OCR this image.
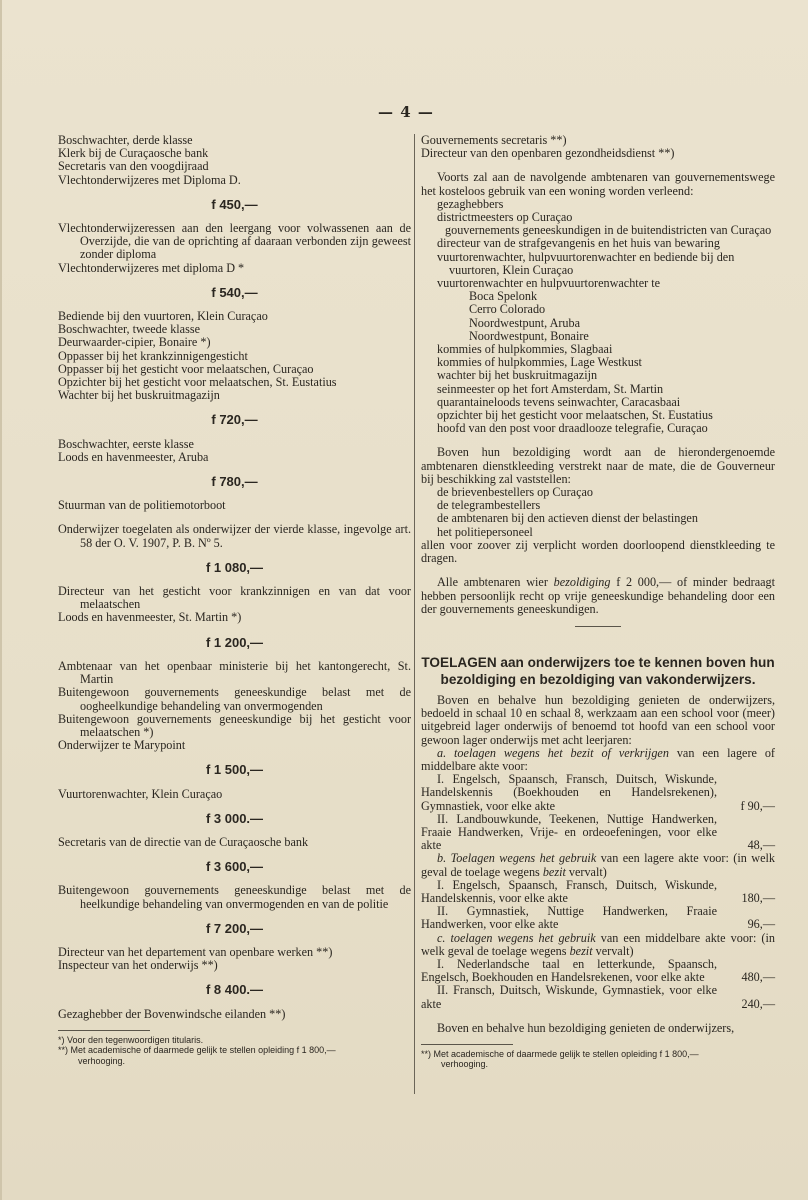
— 4 —
Boschwachter, derde klasse
Klerk bij de Curaçaosche bank
Secretaris van den voogdijraad
Vlechtonderwijzeres met Diploma D.
f 450,—
Vlechtonderwijzeressen aan den leergang voor volwassenen aan de Overzijde, die van de oprichting af daaraan verbonden zijn geweest zonder diploma
Vlechtonderwijzeres met diploma D *
f 540,—
Bediende bij den vuurtoren, Klein Curaçao
Boschwachter, tweede klasse
Deurwaarder-cipier, Bonaire *)
Oppasser bij het krankzinnigengesticht
Oppasser bij het gesticht voor melaatschen, Curaçao
Opzichter bij het gesticht voor melaatschen, St. Eustatius
Wachter bij het buskruitmagazijn
f 720,—
Boschwachter, eerste klasse
Loods en havenmeester, Aruba
f 780,—
Stuurman van de politiemotorboot
Onderwijzer toegelaten als onderwijzer der vierde klasse, ingevolge art. 58 der O. V. 1907, P. B. Nº 5.
f 1 080,—
Directeur van het gesticht voor krankzinnigen en van dat voor melaatschen
Loods en havenmeester, St. Martin *)
f 1 200,—
Ambtenaar van het openbaar ministerie bij het kantongerecht, St. Martin
Buitengewoon gouvernements geneeskundige belast met de oogheelkundige behandeling van onvermogenden
Buitengewoon gouvernements geneeskundige bij het gesticht voor melaatschen *)
Onderwijzer te Marypoint
f 1 500,—
Vuurtorenwachter, Klein Curaçao
f 3 000.—
Secretaris van de directie van de Curaçaosche bank
f 3 600,—
Buitengewoon gouvernements geneeskundige belast met de heelkundige behandeling van onvermogenden en van de politie
f 7 200,—
Directeur van het departement van openbare werken **)
Inspecteur van het onderwijs **)
f 8 400.—
Gezaghebber der Bovenwindsche eilanden **)
*) Voor den tegenwoordigen titularis.
**) Met academische of daarmede gelijk te stellen opleiding f 1 800,—
verhooging.
Gouvernements secretaris **)
Directeur van den openbaren gezondheidsdienst **)
Voorts zal aan de navolgende ambtenaren van gouvernementswege het kosteloos gebruik van een woning worden verleend:
gezaghebbers
districtmeesters op Curaçao
gouvernements geneeskundigen in de buitendistricten van Curaçao
directeur van de strafgevangenis en het huis van bewaring
vuurtorenwachter, hulpvuurtorenwachter en bediende bij den vuurtoren, Klein Curaçao
vuurtorenwachter en hulpvuurtorenwachter te
Boca Spelonk
Cerro Colorado
Noordwestpunt, Aruba
Noordwestpunt, Bonaire
kommies of hulpkommies, Slagbaai
kommies of hulpkommies, Lage Westkust
wachter bij het buskruitmagazijn
seinmeester op het fort Amsterdam, St. Martin
quarantaineloods tevens seinwachter, Caracasbaai
opzichter bij het gesticht voor melaatschen, St. Eustatius
hoofd van den post voor draadlooze telegrafie, Curaçao
Boven hun bezoldiging wordt aan de hierondergenoemde ambtenaren dienstkleeding verstrekt naar de mate, die de Gouverneur bij beschikking zal vaststellen:
de brievenbestellers op Curaçao
de telegrambestellers
de ambtenaren bij den actieven dienst der belastingen
het politiepersoneel
allen voor zoover zij verplicht worden doorloopend dienstkleeding te dragen.
Alle ambtenaren wier bezoldiging f 2 000,— of minder bedraagt hebben persoonlijk recht op vrije geneeskundige behandeling door een der gouvernements geneeskundigen.
TOELAGEN aan onderwijzers toe te kennen boven hun
bezoldiging en bezoldiging van vakonderwijzers.
Boven en behalve hun bezoldiging genieten de onderwijzers, bedoeld in schaal 10 en schaal 8, werkzaam aan een school voor (meer) uitgebreid lager onderwijs of benoemd tot hoofd van een school voor gewoon lager onderwijs met acht leerjaren:
a. toelagen wegens het bezit of verkrijgen van een lagere of middelbare akte voor:
I. Engelsch, Spaansch, Fransch, Duitsch, Wiskunde, Handelskennis (Boekhouden en Handelsrekenen), Gymnastiek, voor elke akte	f 90,—
II. Landbouwkunde, Teekenen, Nuttige Handwerken, Fraaie Handwerken, Vrije- en ordeoefeningen, voor elke akte	48,—
b. Toelagen wegens het gebruik van een lagere akte voor: (in welk geval de toelage wegens bezit vervalt)
I. Engelsch, Spaansch, Fransch, Duitsch, Wiskunde, Handelskennis, voor elke akte	180,—
II. Gymnastiek, Nuttige Handwerken, Fraaie Handwerken, voor elke akte	96,—
c. toelagen wegens het gebruik van een middelbare akte voor: (in welk geval de toelage wegens bezit vervalt)
I. Nederlandsche taal en letterkunde, Spaansch, Engelsch, Boekhouden en Handelsrekenen, voor elke akte	480,—
II. Fransch, Duitsch, Wiskunde, Gymnastiek, voor elke akte	240,—
Boven en behalve hun bezoldiging genieten de onderwijzers,
**) Met academische of daarmede gelijk te stellen opleiding f 1 800,—
verhooging.
